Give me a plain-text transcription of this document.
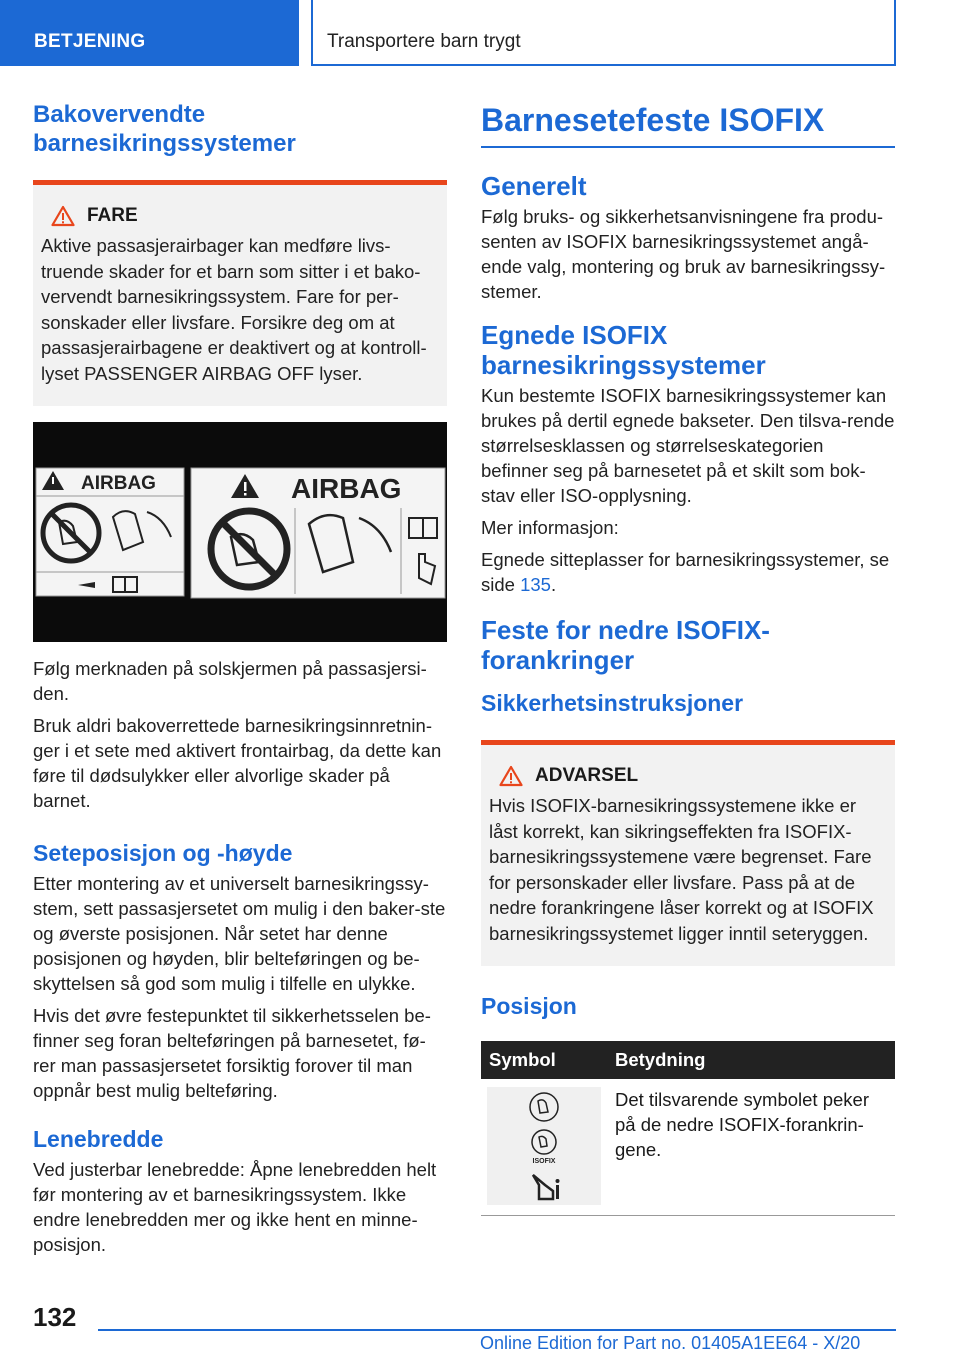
BETJENING	Transportere barn trygt
Bakovervendte barnesikringssystemer
FARE
Aktive passasjerairbager kan medføre livs-truende skader for et barn som sitter i et bako-vervendt barnesikringssystem. Fare for per-sonskader eller livsfare. Forsikre deg om at passasjerairbagene er deaktivert og at kontroll-lyset PASSENGER AIRBAG OFF lyser.
AIRBAG	AIRBAG

Følg merknaden på solskjermen på passasjersi-den.

Bruk aldri bakoverrettede barnesikringsinnretnin-ger i et sete med aktivert frontairbag, da dette kan føre til dødsulykker eller alvorlige skader på barnet.

Seteposisjon og -høyde

Etter montering av et universelt barnesikringssy-stem, sett passasjersetet om mulig i den baker-ste og øverste posisjonen. Når setet har denne posisjonen og høyden, blir belteføringen og be-skyttelsen så god som mulig i tilfelle en ulykke.

Hvis det øvre festepunktet til sikkerhetsselen be-finner seg foran belteføringen på barnesetet, fø-rer man passasjersetet forsiktig forover til man oppnår best mulig belteføring.

Lenebredde

Ved justerbar lenebredde: Åpne lenebredden helt før montering av et barnesikringssystem. Ikke endre lenebredden mer og ikke hent en minne-posisjon.

Barnesetefeste ISOFIX
Generelt

Følg bruks- og sikkerhetsanvisningene fra produ-senten av ISOFIX barnesikringssystemet angå-ende valg, montering og bruk av barnesikringssy-stemer.

Egnede ISOFIX barnesikringssystemer

Kun bestemte ISOFIX barnesikringssystemer kan brukes på dertil egnede bakseter. Den tilsva-rende størrelsesklassen og størrelseskategorien befinner seg på barnesetet på et skilt som bok-stav eller ISO-opplysning.

Mer informasjon:

Egnede sitteplasser for barnesikringssystemer, se side 135.

Feste for nedre ISOFIX-forankringer
Sikkerhetsinstruksjoner
ADVARSEL
Hvis ISOFIX-barnesikringssystemene ikke er låst korrekt, kan sikringseffekten fra ISOFIX-barnesikringssystemene være begrenset. Fare for personskader eller livsfare. Pass på at de nedre forankringene låser korrekt og at ISOFIX barnesikringssystemet ligger inntil seteryggen.
Posisjon
Symbol	Betydning

ISOFIX	Det tilsvarende symbolet peker på de nedre ISOFIX-forankrin-gene.
132
Online Edition for Part no. 01405A1EE64 - X/20
